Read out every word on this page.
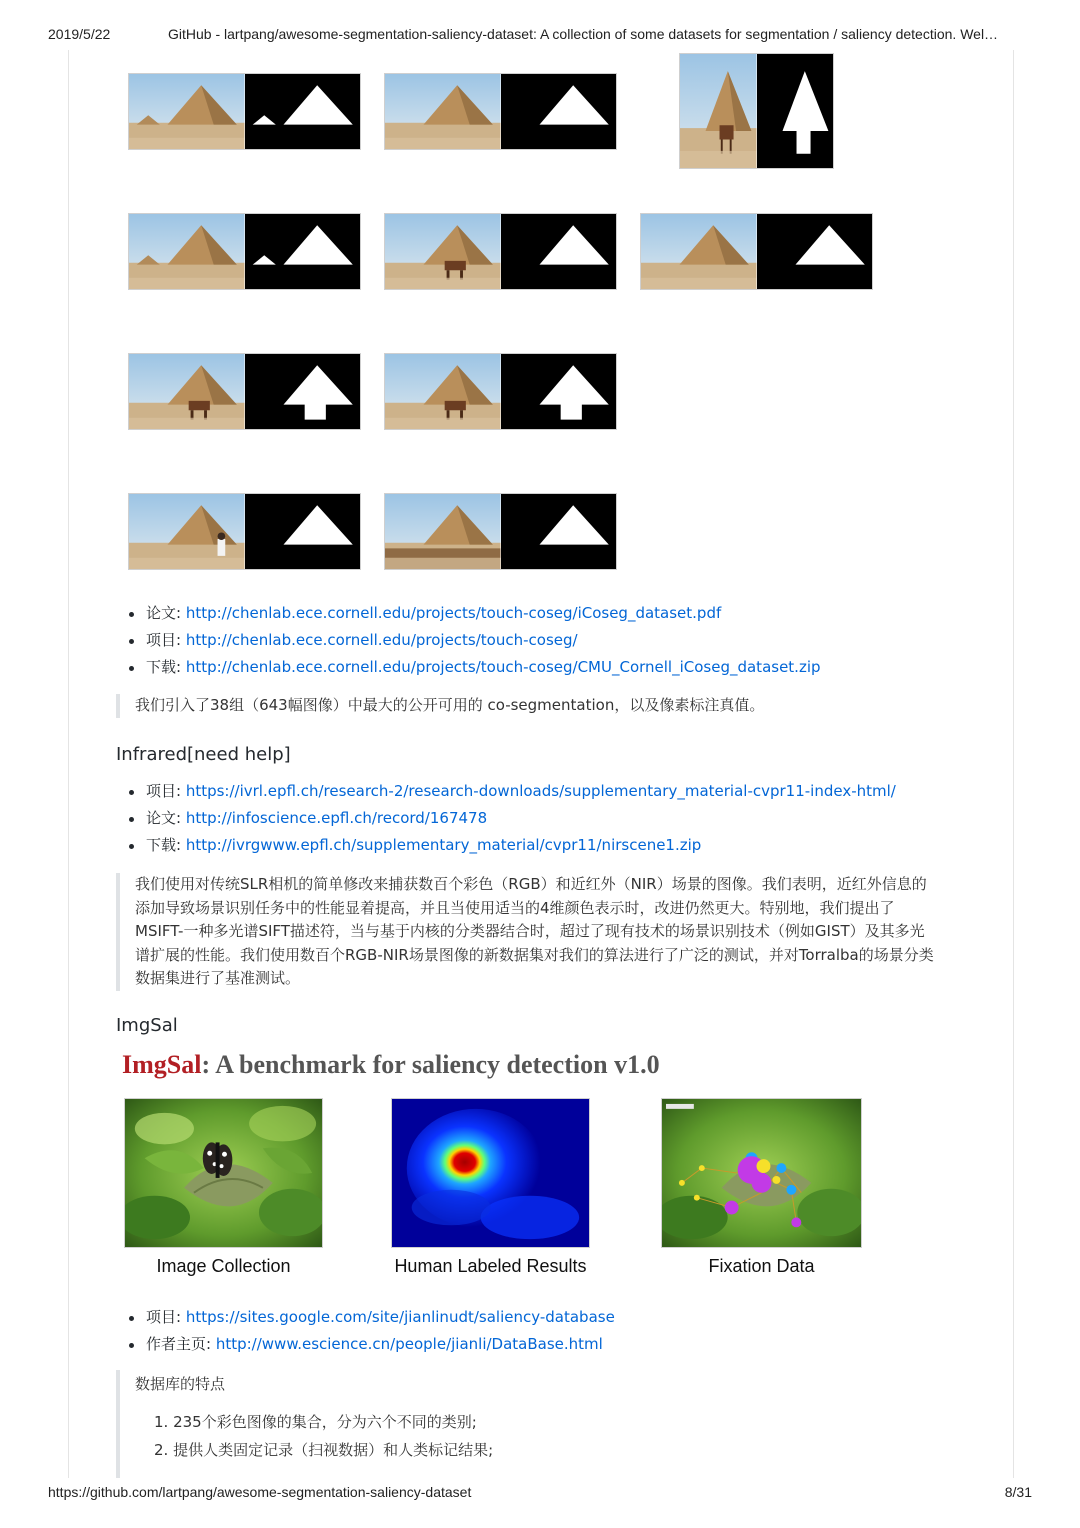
2019/5/22	GitHub - lartpang/awesome-segmentation-saliency-dataset: A collection of some datasets for segmentation / saliency detection. Wel…
论文: http://chenlab.ece.cornell.edu/projects/touch-coseg/iCoseg_dataset.pdf
项目: http://chenlab.ece.cornell.edu/projects/touch-coseg/
下载: http://chenlab.ece.cornell.edu/projects/touch-coseg/CMU_Cornell_iCoseg_dataset.zip
我们引入了38组（643幅图像）中最大的公开可用的 co-segmentation，以及像素标注真值。
Infrared[need help]
项目: https://ivrl.epfl.ch/research-2/research-downloads/supplementary_material-cvpr11-index-html/
论文: http://infoscience.epfl.ch/record/167478
下载: http://ivrgwww.epfl.ch/supplementary_material/cvpr11/nirscene1.zip
我们使用对传统SLR相机的简单修改来捕获数百个彩色（RGB）和近红外（NIR）场景的图像。我们表明，近红外信息的
添加导致场景识别任务中的性能显着提高，并且当使用适当的4维颜色表示时，改进仍然更大。特别地，我们提出了
MSIFT-一种多光谱SIFT描述符，当与基于内核的分类器结合时，超过了现有技术的场景识别技术（例如GIST）及其多光
谱扩展的性能。我们使用数百个RGB-NIR场景图像的新数据集对我们的算法进行了广泛的测试，并对Torralba的场景分类
数据集进行了基准测试。
ImgSal
ImgSal: A benchmark for saliency detection v1.0
Image Collection	Human Labeled Results	Fixation Data
项目: https://sites.google.com/site/jianlinudt/saliency-database
作者主页: http://www.escience.cn/people/jianli/DataBase.html
数据库的特点
1. 235个彩色图像的集合，分为六个不同的类别;
2. 提供人类固定记录（扫视数据）和人类标记结果;
https://github.com/lartpang/awesome-segmentation-saliency-dataset	8/31
